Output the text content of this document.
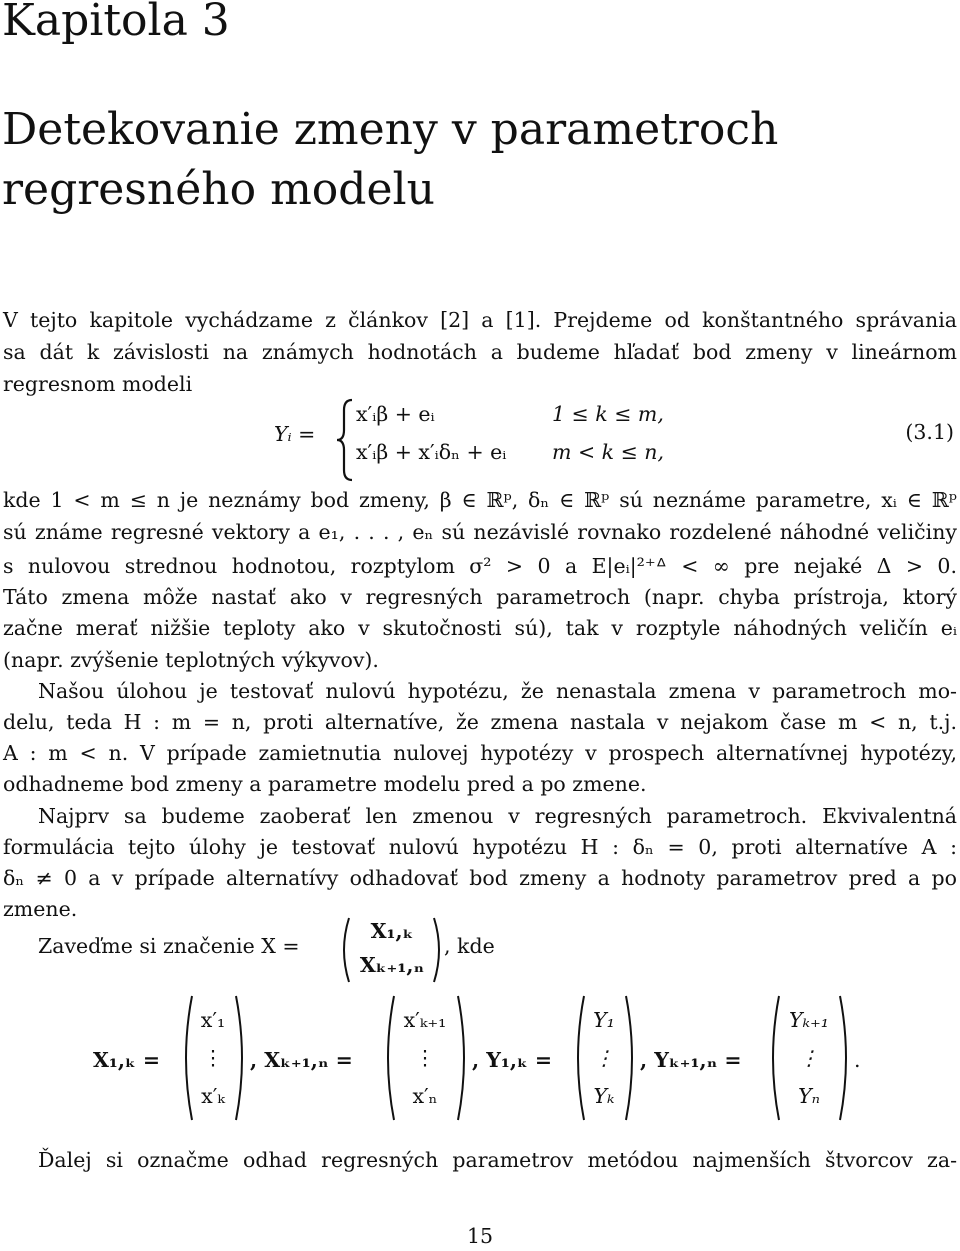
Kapitola 3
Detekovanie zmeny v parametroch regresného modelu
V tejto kapitole vychádzame z článkov [2] a [1]. Prejdeme od konštantného správania
sa dát k závislosti na známych hodnotách a budeme hľadať bod zmeny v lineárnom
regresnom modeli
Yᵢ =
x′ᵢβ + eᵢ	1 ≤ k ≤ m,
x′ᵢβ + x′ᵢδₙ + eᵢ m < k ≤ n,
(3.1)
kde 1 < m ≤ n je neznámy bod zmeny, β ∈ ℝᵖ, δₙ ∈ ℝᵖ sú neznáme parametre, xᵢ ∈ ℝᵖ
sú známe regresné vektory a e₁, . . . , eₙ sú nezávislé rovnako rozdelené náhodné veličiny
s nulovou strednou hodnotou, rozptylom σ² > 0 a E|eᵢ|²⁺ᐞ < ∞ pre nejaké Δ > 0.
Táto zmena môže nastať ako v regresných parametroch (napr. chyba prístroja, ktorý
začne merať nižšie teploty ako v skutočnosti sú), tak v rozptyle náhodných veličín eᵢ
(napr. zvýšenie teplotných výkyvov).
Našou úlohou je testovať nulovú hypotézu, že nenastala zmena v parametroch mo-
delu, teda H : m = n, proti alternatíve, že zmena nastala v nejakom čase m < n, t.j.
A : m < n. V prípade zamietnutia nulovej hypotézy v prospech alternatívnej hypotézy,
odhadneme bod zmeny a parametre modelu pred a po zmene.
Najprv sa budeme zaoberať len zmenou v regresných parametroch. Ekvivalentná
formulácia tejto úlohy je testovať nulovú hypotézu H : δₙ = 0, proti alternatíve A :
δₙ ≠ 0 a v prípade alternatívy odhadovať bod zmeny a hodnoty parametrov pred a po
zmene.
Zaveďme si značenie X =
X₁,ₖ
Xₖ₊₁,ₙ
, kde
X₁,ₖ =
x′₁
⋮
x′ₖ
, Xₖ₊₁,ₙ =
x′ₖ₊₁
⋮
x′ₙ
, Y₁,ₖ =
Y₁
⋮
Yₖ
, Yₖ₊₁,ₙ =
Yₖ₊₁
⋮
Yₙ
.
Ďalej si označme odhad regresných parametrov metódou najmenších štvorcov za-
15
